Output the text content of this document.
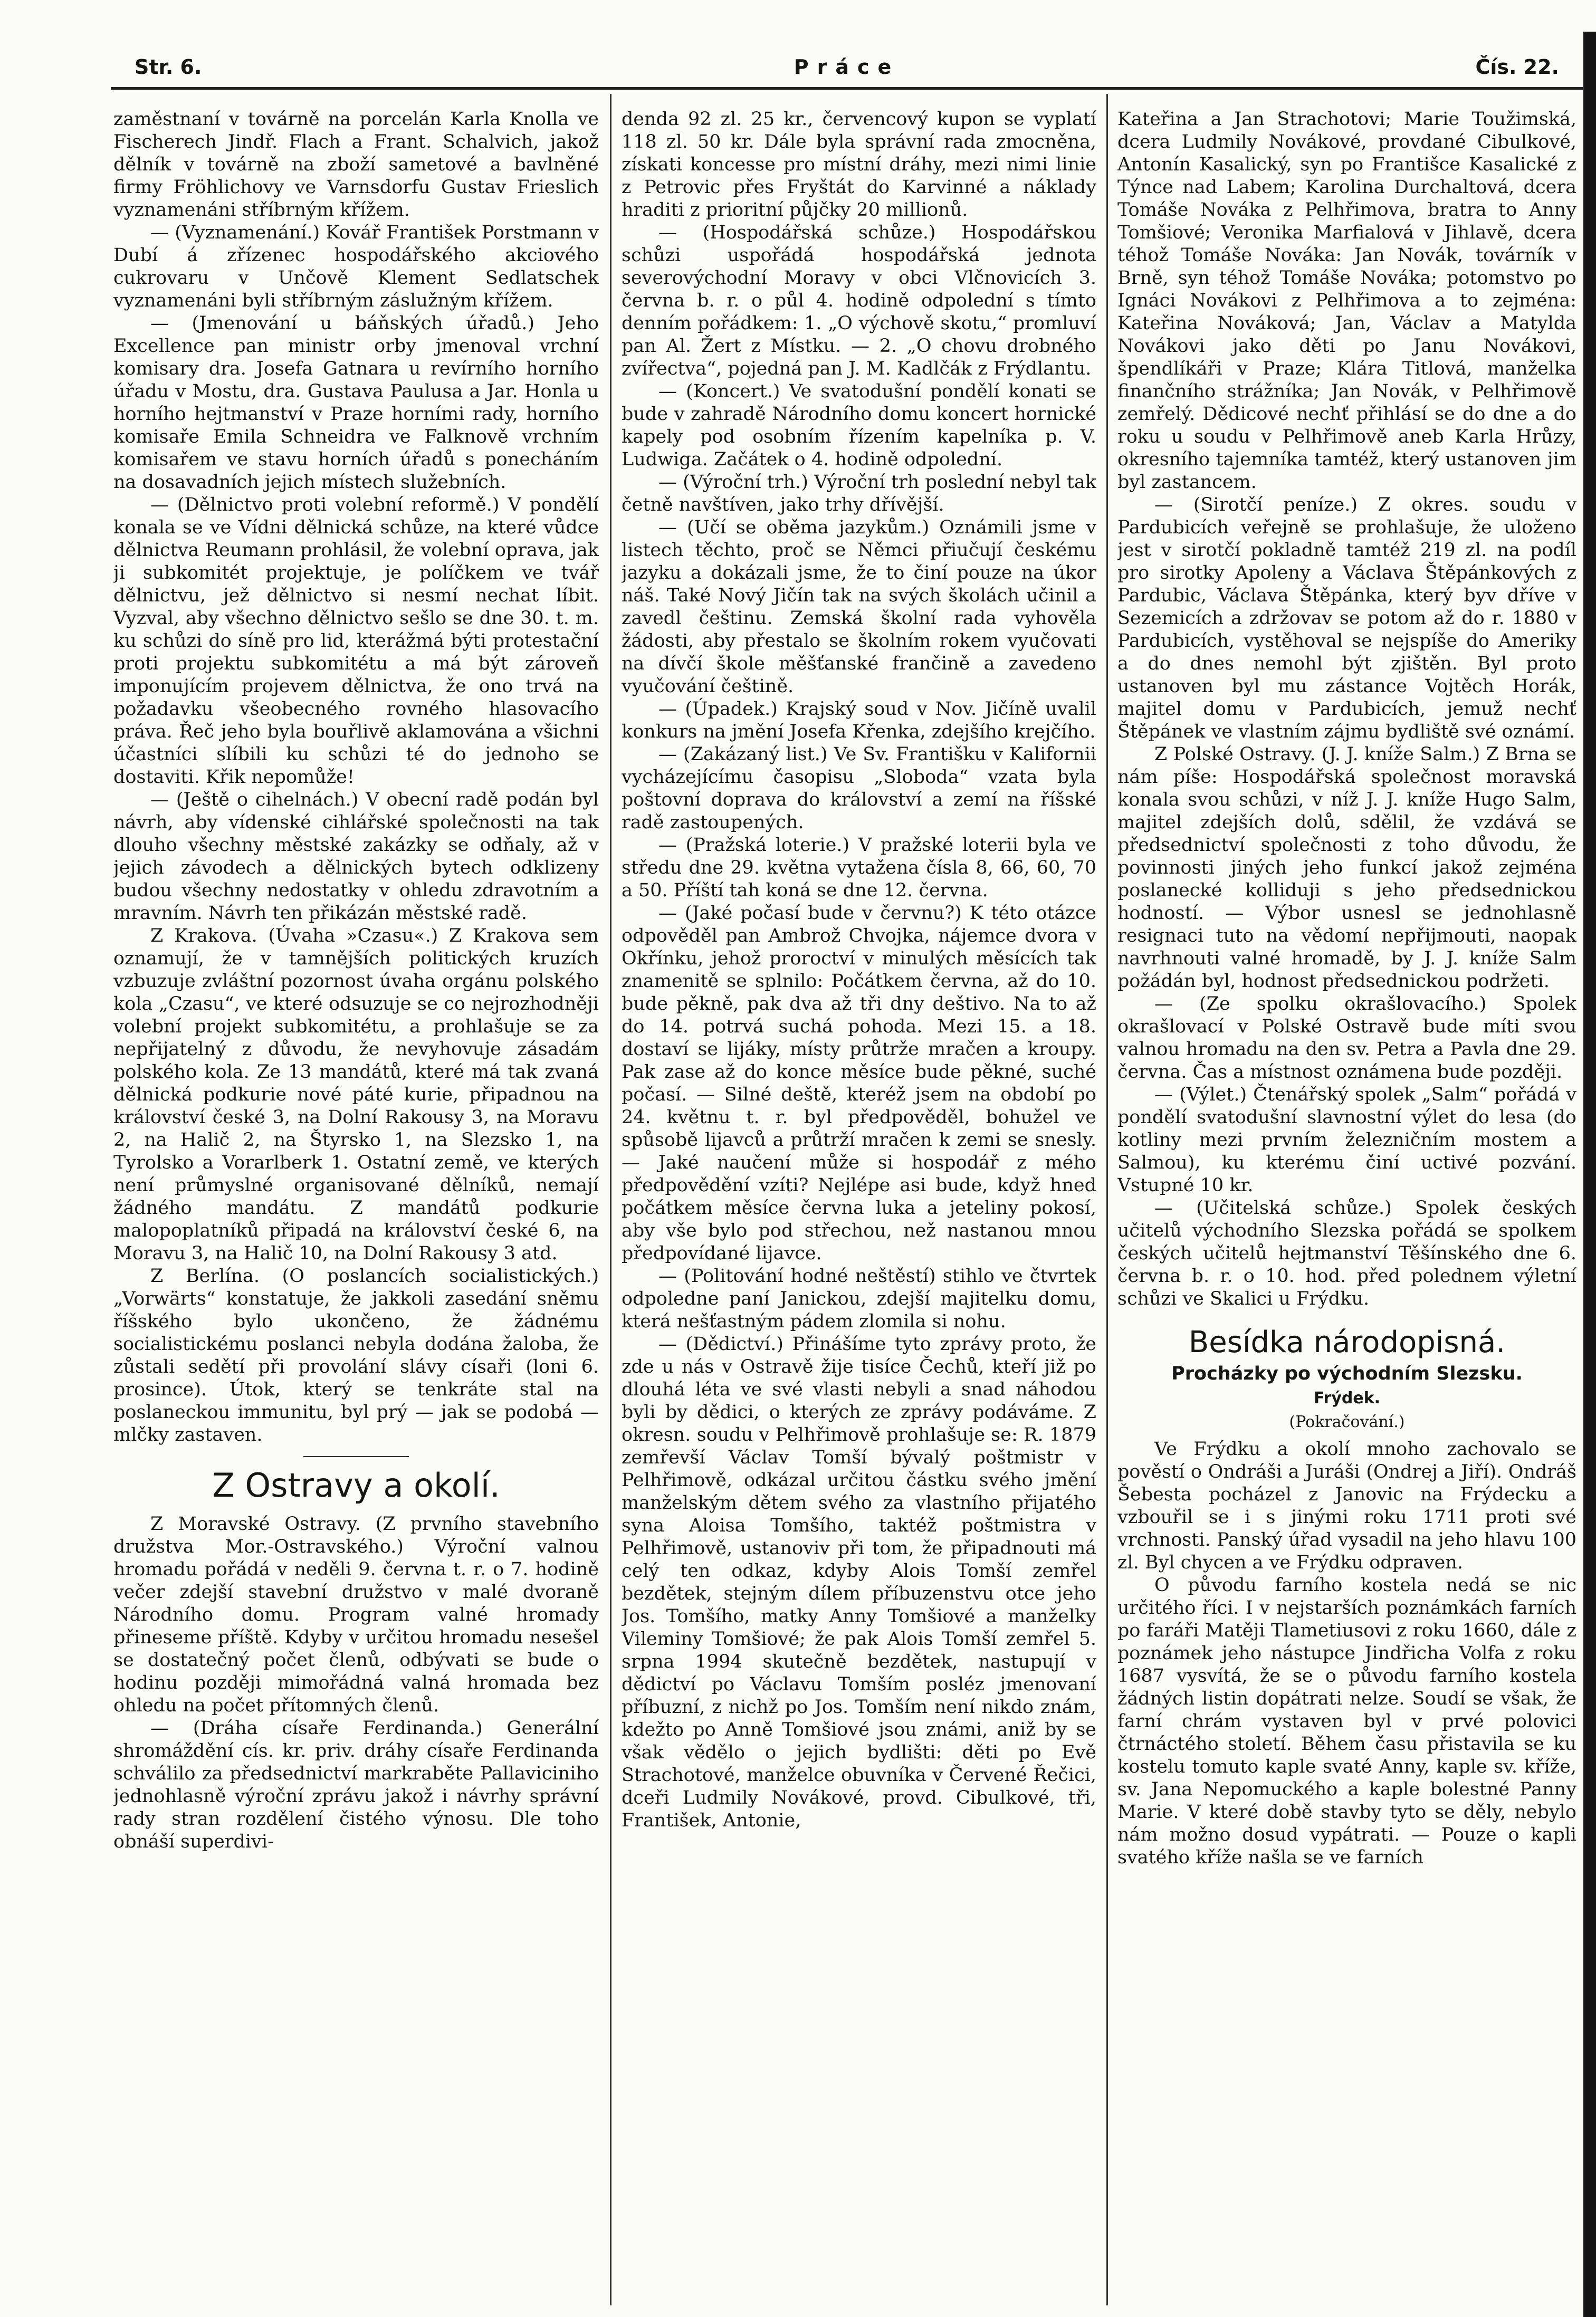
Str. 6.	Práce	Čís. 22.

zaměstnaní v továrně na porcelán Karla Knolla ve Fischerech Jindř. Flach a Frant. Schalvich, jakož dělník v továrně na zboží sametové a bavlněné firmy Fröhlichovy ve Varnsdorfu Gustav Frieslich vyznamenáni stříbrným křížem.

— (Vyznamenání.) Kovář František Porstmann v Dubí á zřízenec hospodářského akciového cukrovaru v Unčově Klement Sedlatschek vyznamenáni byli stříbrným záslužným křížem.

— (Jmenování u báňských úřadů.) Jeho Excellence pan ministr orby jmenoval vrchní komisary dra. Josefa Gatnara u revírního horního úřadu v Mostu, dra. Gustava Paulusa a Jar. Honla u horního hejtmanství v Praze horními rady, horního komisaře Emila Schneidra ve Falknově vrchním komisařem ve stavu horních úřadů s ponecháním na dosavadních jejich místech služebních.

— (Dělnictvo proti volební reformě.) V pondělí konala se ve Vídni dělnická schůze, na které vůdce dělnictva Reumann prohlásil, že volební oprava, jak ji subkomitét projektuje, je políčkem ve tvář dělnictvu, jež dělnictvo si nesmí nechat líbit. Vyzval, aby všechno dělnictvo sešlo se dne 30. t. m. ku schůzi do síně pro lid, kterážmá býti protestační proti projektu subkomitétu a má být zároveň imponujícím projevem dělnictva, že ono trvá na požadavku všeobecného rovného hlasovacího práva. Řeč jeho byla bouřlivě aklamována a všichni účastníci slíbili ku schůzi té do jednoho se dostaviti. Křik nepomůže!

— (Ještě o cihelnách.) V obecní radě podán byl návrh, aby vídenské cihlářské společnosti na tak dlouho všechny městské zakázky se odňaly, až v jejich závodech a dělnických bytech odklizeny budou všechny nedostatky v ohledu zdravotním a mravním. Návrh ten přikázán městské radě.

Z Krakova. (Úvaha »Czasu«.) Z Krakova sem oznamují, že v tamnějších politických kruzích vzbuzuje zvláštní pozornost úvaha orgánu polského kola „Czasu“, ve které odsuzuje se co nejrozhodněji volební projekt subkomitétu, a prohlašuje se za nepřijatelný z důvodu, že nevyhovuje zásadám polského kola. Ze 13 mandátů, které má tak zvaná dělnická podkurie nové páté kurie, připadnou na království české 3, na Dolní Rakousy 3, na Moravu 2, na Halič 2, na Štyrsko 1, na Slezsko 1, na Tyrolsko a Vorarlberk 1. Ostatní země, ve kterých není průmyslné organisované dělníků, nemají žádného mandátu. Z mandátů podkurie malopoplatníků připadá na království české 6, na Moravu 3, na Halič 10, na Dolní Rakousy 3 atd.

Z Berlína. (O poslancích socialistických.) „Vorwärts“ konstatuje, že jakkoli zasedání sněmu říšského bylo ukončeno, že žádnému socialistickému poslanci nebyla dodána žaloba, že zůstali sedětí při provolání slávy císaři (loni 6. prosince). Útok, který se tenkráte stal na poslaneckou immunitu, byl prý — jak se podobá — mlčky zastaven.

Z Ostravy a okolí.

Z Moravské Ostravy. (Z prvního stavebního družstva Mor.-Ostravského.) Výroční valnou hromadu pořádá v neděli 9. června t. r. o 7. hodině večer zdejší stavební družstvo v malé dvoraně Národního domu. Program valné hromady přineseme příště. Kdyby v určitou hromadu nesešel se dostatečný počet členů, odbývati se bude o hodinu později mimořádná valná hromada bez ohledu na počet přítomných členů.

— (Dráha císaře Ferdinanda.) Generální shromáždění cís. kr. priv. dráhy císaře Ferdinanda schválilo za předsednictví markraběte Pallaviciniho jednohlasně výroční zprávu jakož i návrhy správní rady stran rozdělení čistého výnosu. Dle toho obnáší superdivi-

denda 92 zl. 25 kr., červencový kupon se vyplatí 118 zl. 50 kr. Dále byla správní rada zmocněna, získati koncesse pro místní dráhy, mezi nimi linie z Petrovic přes Fryštát do Karvinné a náklady hraditi z prioritní půjčky 20 millionů.

— (Hospodářská schůze.) Hospodářskou schůzi uspořádá hospodářská jednota severovýchodní Moravy v obci Vlčnovicích 3. června b. r. o půl 4. hodině odpolední s tímto denním pořádkem: 1. „O výchově skotu,“ promluví pan Al. Žert z Místku. — 2. „O chovu drobného zvířectva“, pojedná pan J. M. Kadlčák z Frýdlantu.

— (Koncert.) Ve svatodušní pondělí konati se bude v zahradě Národního domu koncert hornické kapely pod osobním řízením kapelníka p. V. Ludwiga. Začátek o 4. hodině odpolední.

— (Výroční trh.) Výroční trh poslední nebyl tak četně navštíven, jako trhy dřívější.

— (Učí se oběma jazykům.) Oznámili jsme v listech těchto, proč se Němci přiučují českému jazyku a dokázali jsme, že to činí pouze na úkor náš. Také Nový Jičín tak na svých školách učinil a zavedl češtinu. Zemská školní rada vyhověla žádosti, aby přestalo se školním rokem vyučovati na dívčí škole měšťanské frančině a zavedeno vyučování češtině.

— (Úpadek.) Krajský soud v Nov. Jičíně uvalil konkurs na jmění Josefa Křenka, zdejšího krejčího.

— (Zakázaný list.) Ve Sv. Františku v Kalifornii vycházejícímu časopisu „Sloboda“ vzata byla poštovní doprava do království a zemí na říšské radě zastoupených.

— (Pražská loterie.) V pražské loterii byla ve středu dne 29. května vytažena čísla 8, 66, 60, 70 a 50. Příští tah koná se dne 12. června.

— (Jaké počasí bude v červnu?) K této otázce odpověděl pan Ambrož Chvojka, nájemce dvora v Okřínku, jehož proroctví v minulých měsících tak znamenitě se splnilo: Počátkem června, až do 10. bude pěkně, pak dva až tři dny deštivo. Na to až do 14. potrvá suchá pohoda. Mezi 15. a 18. dostaví se lijáky, místy průtrže mračen a kroupy. Pak zase až do konce měsíce bude pěkné, suché počasí. — Silné deště, kteréž jsem na období po 24. květnu t. r. byl předpověděl, bohužel ve spůsobě lijavců a průtrží mračen k zemi se snesly. — Jaké naučení může si hospodář z mého předpovědění vzíti? Nejlépe asi bude, když hned počátkem měsíce června luka a jeteliny pokosí, aby vše bylo pod střechou, než nastanou mnou předpovídané lijavce.

— (Politování hodné neštěstí) stihlo ve čtvrtek odpoledne paní Janickou, zdejší majitelku domu, která nešťastným pádem zlomila si nohu.

— (Dědictví.) Přinášíme tyto zprávy proto, že zde u nás v Ostravě žije tisíce Čechů, kteří již po dlouhá léta ve své vlasti nebyli a snad náhodou byli by dědici, o kterých ze zprávy podáváme. Z okresn. soudu v Pelhřimově prohlašuje se: R. 1879 zemřevší Václav Tomší bývalý poštmistr v Pelhřimově, odkázal určitou částku svého jmění manželským dětem svého za vlastního přijatého syna Aloisa Tomšího, taktéž poštmistra v Pelhřimově, ustanoviv při tom, že připadnouti má celý ten odkaz, kdyby Alois Tomší zemřel bezdětek, stejným dílem příbuzenstvu otce jeho Jos. Tomšího, matky Anny Tomšiové a manželky Vileminy Tomšiové; že pak Alois Tomší zemřel 5. srpna 1994 skutečně bezdětek, nastupují v dědictví po Václavu Tomším posléz jmenovaní příbuzní, z nichž po Jos. Tomším není nikdo znám, kdežto po Anně Tomšiové jsou známi, aniž by se však vědělo o jejich bydlišti: děti po Evě Strachotové, manželce obuvníka v Červené Řečici, dceři Ludmily Novákové, provd. Cibulkové, tři, František, Antonie,

Kateřina a Jan Strachotovi; Marie Toužimská, dcera Ludmily Novákové, provdané Cibulkové, Antonín Kasalický, syn po Františce Kasalické z Týnce nad Labem; Karolina Durchaltová, dcera Tomáše Nováka z Pelhřimova, bratra to Anny Tomšiové; Veronika Marfialová v Jihlavě, dcera téhož Tomáše Nováka: Jan Novák, továrník v Brně, syn téhož Tomáše Nováka; potomstvo po Ignáci Novákovi z Pelhřimova a to zejména: Kateřina Nováková; Jan, Václav a Matylda Novákovi jako děti po Janu Novákovi, špendlíkáři v Praze; Klára Titlová, manželka finančního strážníka; Jan Novák, v Pelhřimově zemřelý. Dědicové nechť přihlásí se do dne a do roku u soudu v Pelhřimově aneb Karla Hrůzy, okresního tajemníka tamtéž, který ustanoven jim byl zastancem.

— (Sirotčí peníze.) Z okres. soudu v Pardubicích veřejně se prohlašuje, že uloženo jest v sirotčí pokladně tamtéž 219 zl. na podíl pro sirotky Apoleny a Václava Štěpánkových z Pardubic, Václava Štěpánka, který byv dříve v Sezemicích a zdržovav se potom až do r. 1880 v Pardubicích, vystěhoval se nejspíše do Ameriky a do dnes nemohl být zjištěn. Byl proto ustanoven byl mu zástance Vojtěch Horák, majitel domu v Pardubicích, jemuž nechť Štěpánek ve vlastním zájmu bydliště své oznámí.

Z Polské Ostravy. (J. J. kníže Salm.) Z Brna se nám píše: Hospodářská společnost moravská konala svou schůzi, v níž J. J. kníže Hugo Salm, majitel zdejších dolů, sdělil, že vzdává se předsednictví společnosti z toho důvodu, že povinnosti jiných jeho funkcí jakož zejména poslanecké kolliduji s jeho předsednickou hodností. — Výbor usnesl se jednohlasně resignaci tuto na vědomí nepřijmouti, naopak navrhnouti valné hromadě, by J. J. kníže Salm požádán byl, hodnost předsednickou podržeti.

— (Ze spolku okrašlovacího.) Spolek okrašlovací v Polské Ostravě bude míti svou valnou hromadu na den sv. Petra a Pavla dne 29. června. Čas a místnost oznámena bude později.

— (Výlet.) Čtenářský spolek „Salm“ pořádá v pondělí svatodušní slavnostní výlet do lesa (do kotliny mezi prvním železničním mostem a Salmou), ku kterému činí uctivé pozvání. Vstupné 10 kr.

— (Učitelská schůze.) Spolek českých učitelů východního Slezska pořádá se spolkem českých učitelů hejtmanství Těšínského dne 6. června b. r. o 10. hod. před polednem výletní schůzi ve Skalici u Frýdku.

Besídka národopisná.
Procházky po východním Slezsku.
Frýdek.
(Pokračování.)

Ve Frýdku a okolí mnoho zachovalo se pověstí o Ondráši a Juráši (Ondrej a Jiří). Ondráš Šebesta pocházel z Janovic na Frýdecku a vzbouřil se i s jinými roku 1711 proti své vrchnosti. Panský úřad vysadil na jeho hlavu 100 zl. Byl chycen a ve Frýdku odpraven.

O původu farního kostela nedá se nic určitého říci. I v nejstarších poznámkách farních po faráři Matěji Tlametiusovi z roku 1660, dále z poznámek jeho nástupce Jindřicha Volfa z roku 1687 vysvítá, že se o původu farního kostela žádných listin dopátrati nelze. Soudí se však, že farní chrám vystaven byl v prvé polovici čtrnáctého století. Během času přistavila se ku kostelu tomuto kaple svaté Anny, kaple sv. kříže, sv. Jana Nepomuckého a kaple bolestné Panny Marie. V které době stavby tyto se děly, nebylo nám možno dosud vypátrati. — Pouze o kapli svatého kříže našla se ve farních
